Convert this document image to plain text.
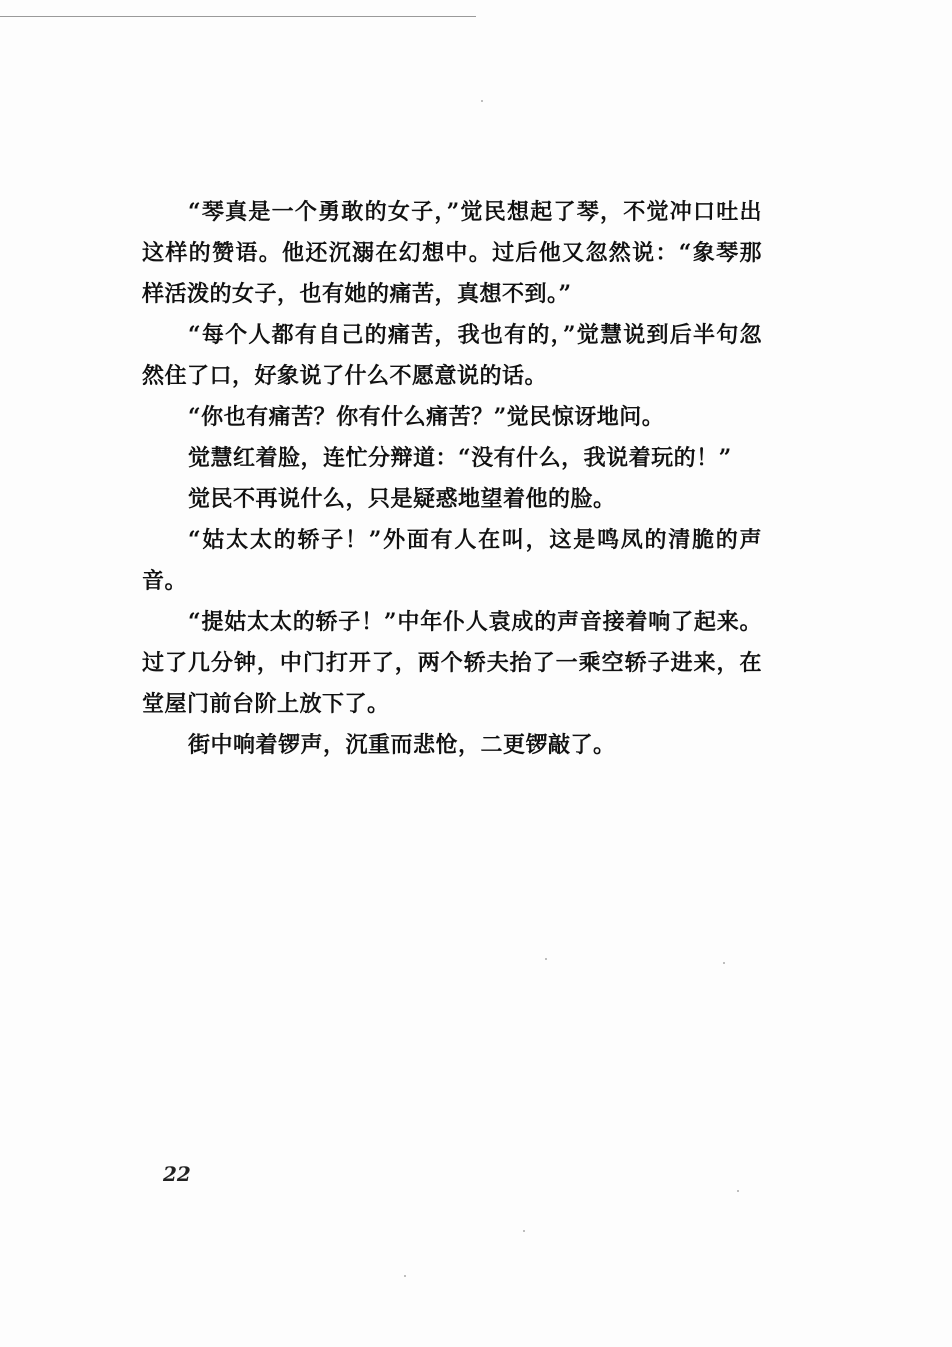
“琴真是一个勇敢的女子，”觉民想起了琴，不觉冲口吐出这样的赞语。他还沉溺在幻想中。过后他又忽然说：“象琴那样活泼的女子，也有她的痛苦，真想不到。”

“每个人都有自己的痛苦，我也有的，”觉慧说到后半句忽然住了口，好象说了什么不愿意说的话。

“你也有痛苦？你有什么痛苦？”觉民惊讶地问。

觉慧红着脸，连忙分辩道：“没有什么，我说着玩的！”

觉民不再说什么，只是疑惑地望着他的脸。

“姑太太的轿子！”外面有人在叫，这是鸣凤的清脆的声音。

“提姑太太的轿子！”中年仆人袁成的声音接着响了起来。过了几分钟，中门打开了，两个轿夫抬了一乘空轿子进来，在堂屋门前台阶上放下了。

街中响着锣声，沉重而悲怆，二更锣敲了。

22
